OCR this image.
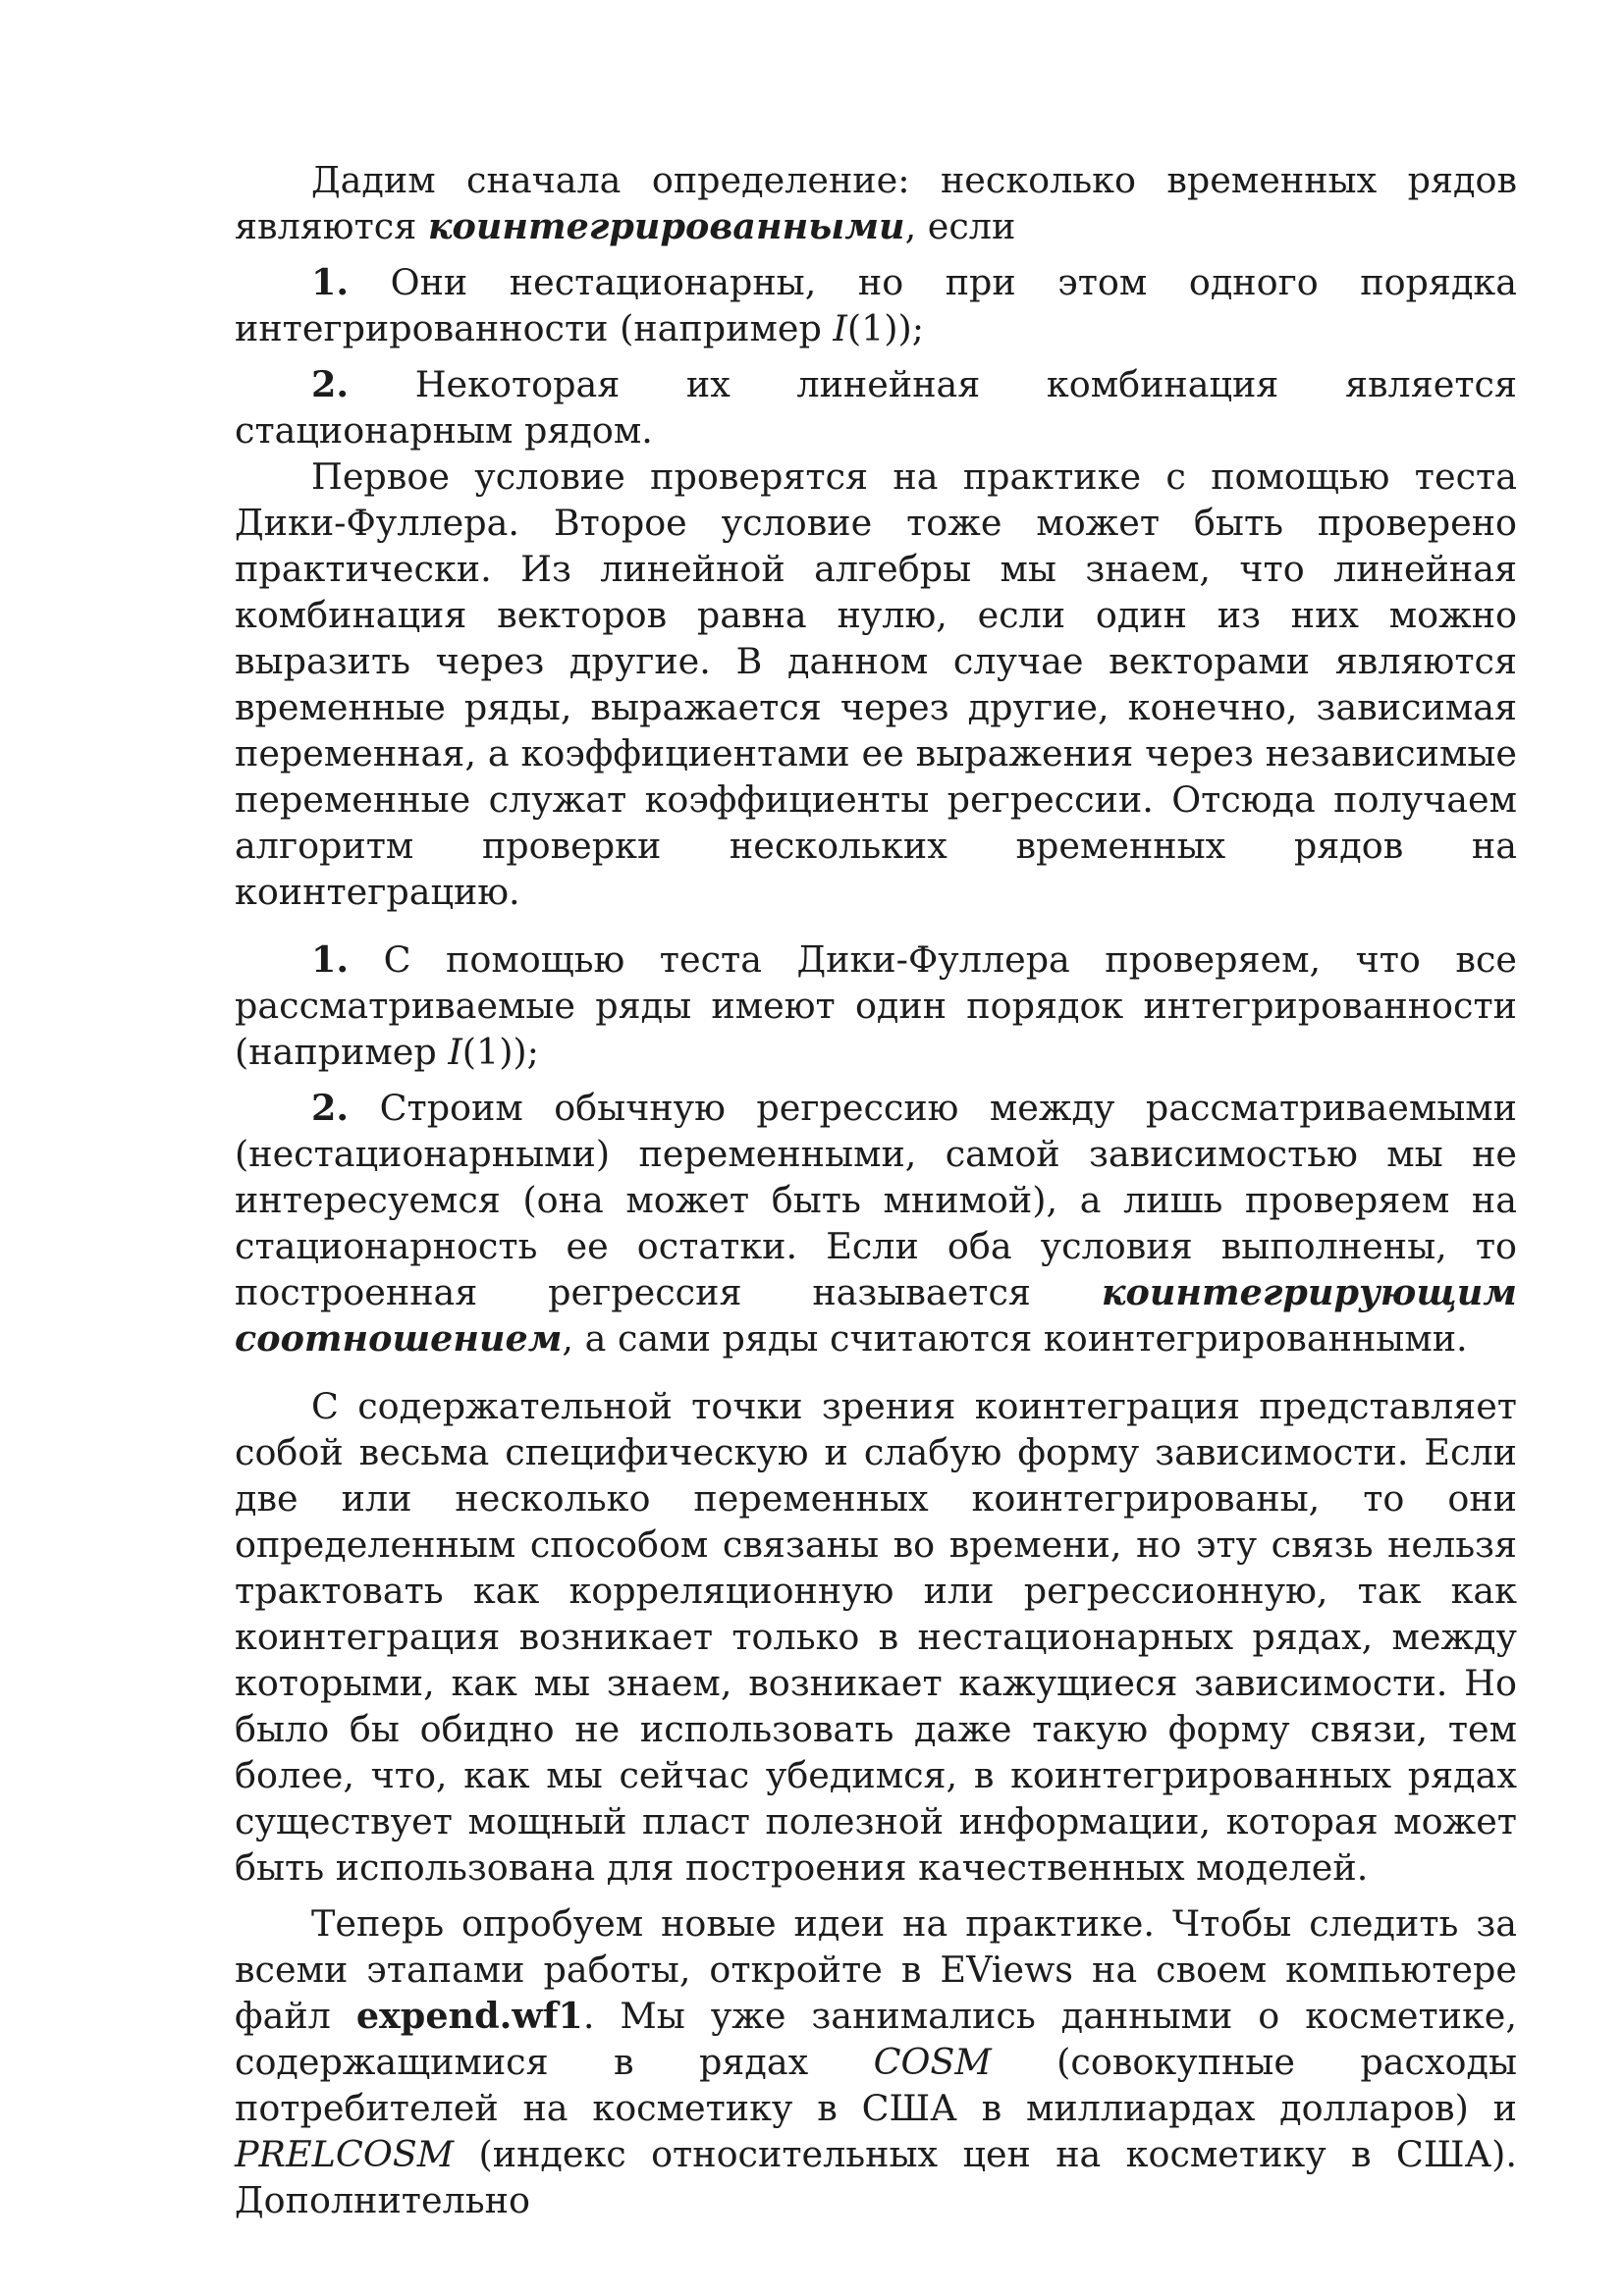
Дадим сначала определение: несколько временных рядов являются коинтегрированными, если

1. Они нестационарны, но при этом одного порядка интегрированности (например I(1));

2. Некоторая их линейная комбинация является стационарным рядом.

Первое условие проверятся на практике с помощью теста Дики-Фуллера. Второе условие тоже может быть проверено практически. Из линейной алгебры мы знаем, что линейная комбинация векторов равна нулю, если один из них можно выразить через другие. В данном случае векторами являются временные ряды, выражается через другие, конечно, зависимая переменная, а коэффициентами ее выражения через независимые переменные служат коэффициенты регрессии. Отсюда получаем алгоритм проверки нескольких временных рядов на коинтеграцию.

1. С помощью теста Дики-Фуллера проверяем, что все рассматриваемые ряды имеют один порядок интегрированности (например I(1));

2. Строим обычную регрессию между рассматриваемыми (нестационарными) переменными, самой зависимостью мы не интересуемся (она может быть мнимой), а лишь проверяем на стационарность ее остатки. Если оба условия выполнены, то построенная регрессия называется коинтегрирующим соотношением, а сами ряды считаются коинтегрированными.

С содержательной точки зрения коинтеграция представляет собой весьма специфическую и слабую форму зависимости. Если две или несколько переменных коинтегрированы, то они определенным способом связаны во времени, но эту связь нельзя трактовать как корреляционную или регрессионную, так как коинтеграция возникает только в нестационарных рядах, между которыми, как мы знаем, возникает кажущиеся зависимости. Но было бы обидно не использовать даже такую форму связи, тем более, что, как мы сейчас убедимся, в коинтегрированных рядах существует мощный пласт полезной информации, которая может быть использована для построения качественных моделей.

Теперь опробуем новые идеи на практике. Чтобы следить за всеми этапами работы, откройте в EViews на своем компьютере файл expend.wf1. Мы уже занимались данными о косметике, содержащимися в рядах COSM (совокупные расходы потребителей на косметику в США в миллиардах долларов) и PRELCOSM (индекс относительных цен на косметику в США). Дополнительно
